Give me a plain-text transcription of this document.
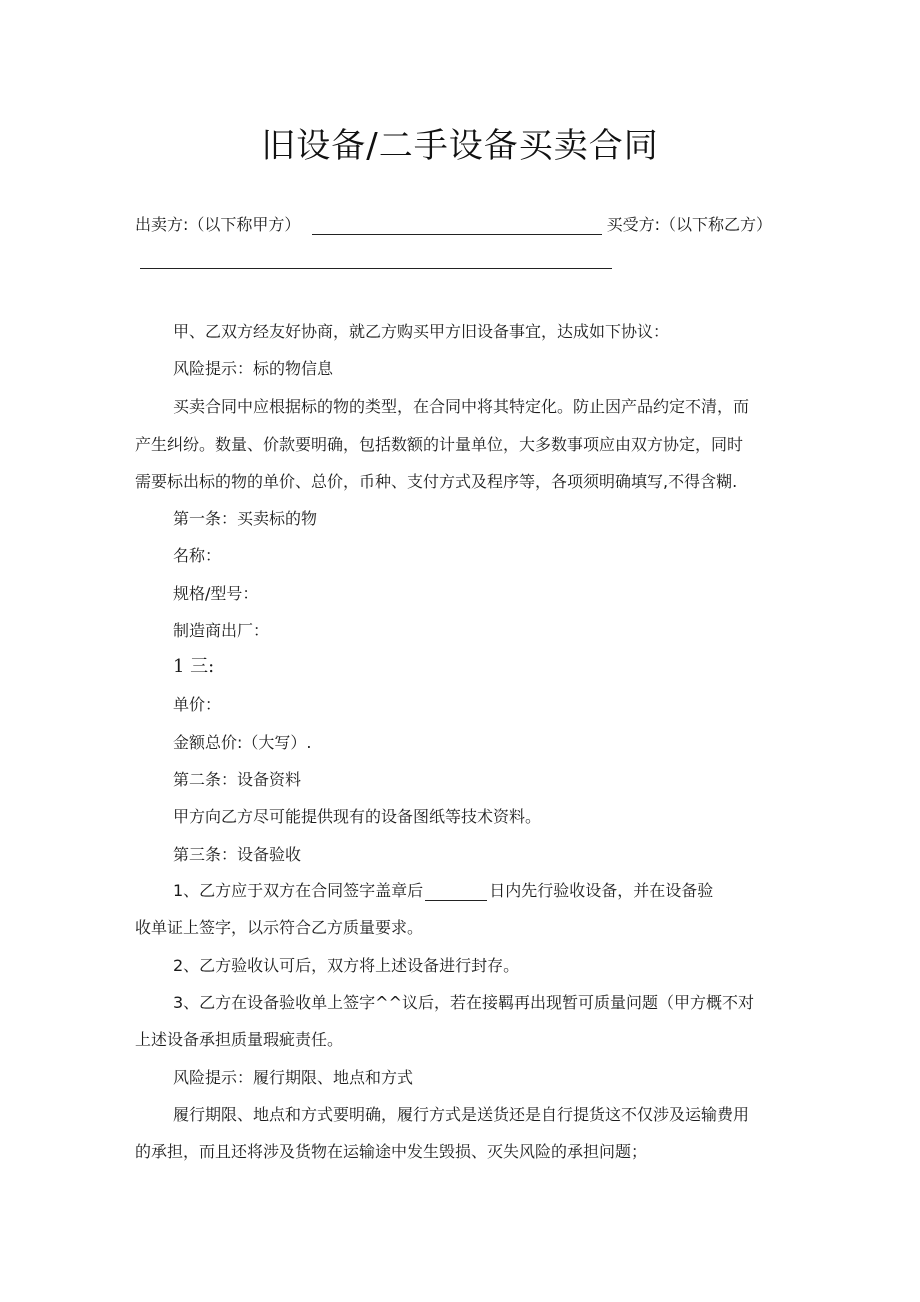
旧设备/二手设备买卖合同
出卖方:（以下称甲方）	买受方:（以下称乙方）
甲、乙双方经友好协商，就乙方购买甲方旧设备事宜，达成如下协议：
风险提示：标的物信息
买卖合同中应根据标的物的类型，在合同中将其特定化。防止因产品约定不清，而
产生纠纷。数量、价款要明确，包括数额的计量单位，大多数事项应由双方协定，同时
需要标出标的物的单价、总价，币种、支付方式及程序等，各项须明确填写,不得含糊.
第一条：买卖标的物
名称：
规格/型号：
制造商出厂：
1 三:
单价：
金额总价:（大写）.
第二条：设备资料
甲方向乙方尽可能提供现有的设备图纸等技术资料。
第三条：设备验收
1、乙方应于双方在合同签字盖章后	日内先行验收设备，并在设备验
收单证上签字，以示符合乙方质量要求。
2、乙方验收认可后，双方将上述设备进行封存。
3、乙方在设备验收单上签字^^议后，若在接羁再出现暂可质量问题（甲方概不对
上述设备承担质量瑕疵责任。
风险提示：履行期限、地点和方式
履行期限、地点和方式要明确，履行方式是送货还是自行提货这不仅涉及运输费用
的承担，而且还将涉及货物在运输途中发生毁损、灭失风险的承担问题；
